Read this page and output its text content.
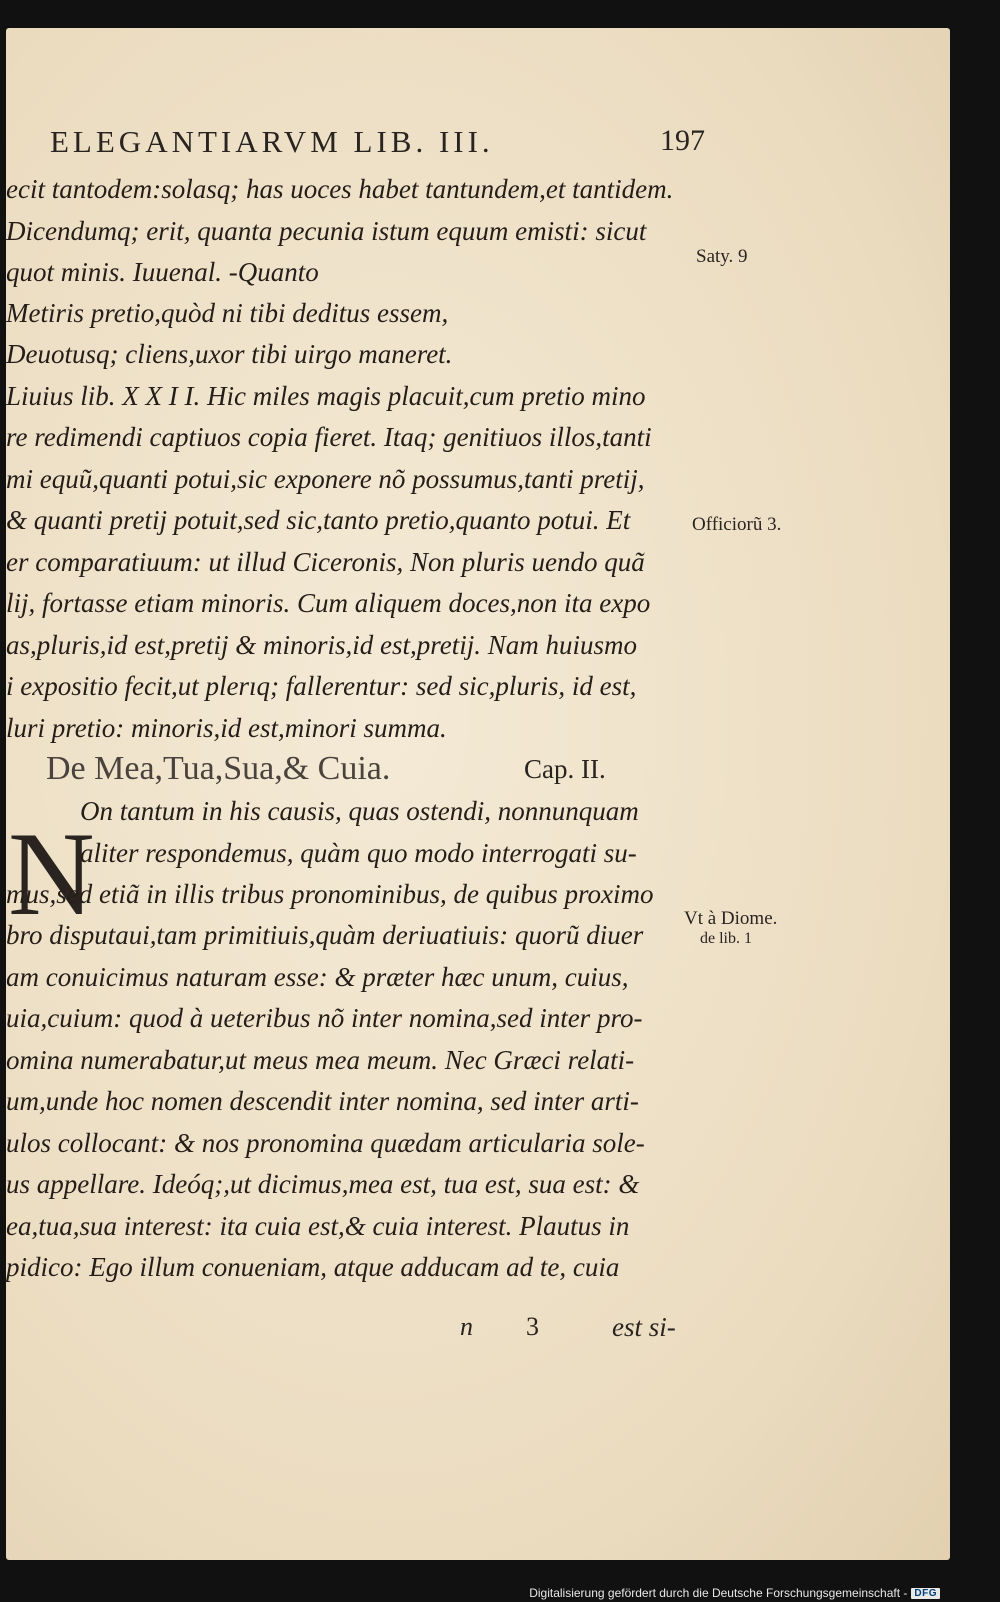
ELEGANTIARVM LIB. III.	197
ecit tantodem:solasq; has uoces habet tantundem,et tantidem.
Dicendumq; erit, quanta pecunia istum equum emisti: sicut
quot minis. Iuuenal. -Quanto
Metiris pretio,quòd ni tibi deditus essem,
Deuotusq; cliens,uxor tibi uirgo maneret.
Liuius lib. X X I I. Hic miles magis placuit,cum pretio mino
re redimendi captiuos copia fieret. Itaq; genitiuos illos,tanti
mi equũ,quanti potui,sic exponere nõ possumus,tanti pretij,
& quanti pretij potuit,sed sic,tanto pretio,quanto potui. Et
er comparatiuum: ut illud Ciceronis, Non pluris uendo quã
lij, fortasse etiam minoris. Cum aliquem doces,non ita expo
as,pluris,id est,pretij & minoris,id est,pretij. Nam huiusmo
i expositio fecit,ut plerıq; fallerentur: sed sic,pluris, id est,
luri pretio: minoris,id est,minori summa.
De Mea,Tua,Sua,& Cuia.	Cap. II.
N
On tantum in his causis, quas ostendi, nonnunquam
aliter respondemus, quàm quo modo interrogati su-
mus,sed etiã in illis tribus pronominibus, de quibus proximo
bro disputaui,tam primitiuis,quàm deriuatiuis: quorũ diuer
am conuicimus naturam esse: & præter hæc unum, cuius,
uia,cuium: quod à ueteribus nõ inter nomina,sed inter pro-
omina numerabatur,ut meus mea meum. Nec Græci relati-
um,unde hoc nomen descendit inter nomina, sed inter arti-
ulos collocant: & nos pronomina quædam articularia sole-
us appellare. Ideóq;,ut dicimus,mea est, tua est, sua est: &
ea,tua,sua interest: ita cuia est,& cuia interest. Plautus in
pidico: Ego illum conueniam, atque adducam ad te, cuia
Saty. 9
Officiorũ 3.
Vt à Diome.
de lib. 1
n 3	est si-
Digitalisierung gefördert durch die Deutsche Forschungsgemeinschaft - DFG
